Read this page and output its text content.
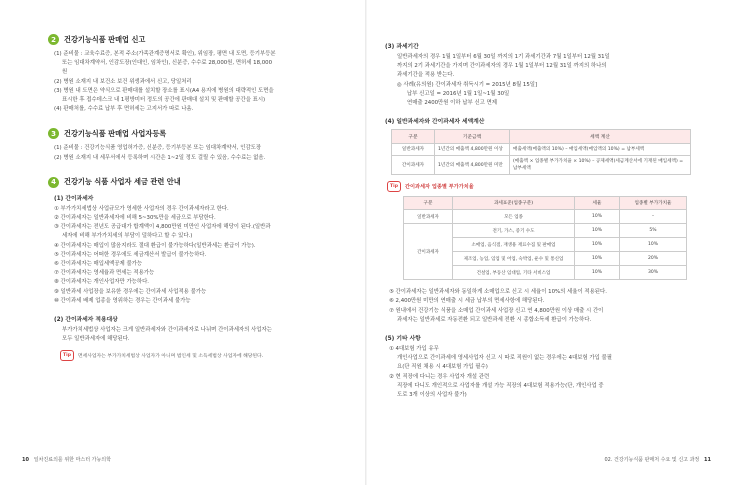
2	건강기능식품 판매업 신고
(1) 준비물 : 교육수료증, 본적 주소(가족관계증명서로 확인), 위임장, 평면 내 도면, 등기부등본
또는 임대차계약서, 인감도장(인대인, 임차인), 신분증, 수수료 28,000원, 면허세 18,000
원
(2) 병원 소재지 내 보건소 보건 위생과에서 신고, 당일처리
(3) 병원 내 도면은 약식으로 판매대를 설치할 장소를 표시(A4 용지에 병원의 대략적인 도면을
표시한 후 접수데스크 내 1평방미터 정도의 공간에 판매대 설치 및 판매할 공간을 표시)
(4) 판매처를, 수수료 납부 후 면허세는 고지서가 따로 나옴.
3	건강기능식품 판매업 사업자등록
(1) 준비물 : 건강기능식품 영업허가증, 신분증, 등기부등본 또는 임대차계약서, 인감도장
(2) 병원 소재지 내 세무서에서 등록하며 시간은 1~2일 정도 걸릴 수 있음, 수수료는 없음.
4	건강기능 식품 사업자 세금 관련 안내
(1) 간이과세자
① 부가가치세법상 사업규모가 영세한 사업자의 경우 간이과세자라고 한다.
② 간이과세자는 일반과세자에 비해 5~30%만을 세금으로 부담한다.
③ 간이과세자는 전년도 공급대가 합계액이 4,800만원 미만인 사업자에 해당이 된다.(일반과
세자에 비해 부가가치세의 부담이 덜하다고 할 수 있다.)
④ 간이과세자는 매입이 많음지라도 절대 환급이 불가능하다(일반과세는 환급이 가능).
⑤ 간이과세자는 어떠한 경우에도 세금계산서 발급이 불가능하다.
⑥ 간이과세자는 매입세액공제 불가능
⑦ 간이과세자는 영세율과 면세는 적용가능
⑧ 간이과세자는 개인사업자만 가능하다.
⑨ 일반과세 사업장을 보유한 경우에는 간이과세 사업적용 불가능
⑩ 간이과세 배제 업종을 영위하는 경우는 간이과세 불가능
(2) 간이과세자 적용대상
부가가치세법상 사업자는 크게 일반과세자와 간이과세자로 나뉘며 간이과세자의 사업자는
모두 일반과세자에 해당된다.
Tip	면세사업자는 부가가치세법상 사업자가 아니며 법인세 및 소득세법상 사업자에 해당된다.
10 일차진료의를 위한 마스터 가능의학
(3) 과세기간
일반과세자의 경우 1월 1일부터 6월 30일 까지의 1기 과세기간과 7월 1일부터 12월 31일
까지의 2기 과세기간을 가지며 간이과세자의 경우 1월 1일부터 12월 31일 까지의 하나의
과세기간을 적용 받는다.
◎ 사례(유의원) 간이과세자 취득시기 = 2015년 8월 15일]
납부 신고일 = 2016년 1월 1일~1월 30일
연매출 2400만원 이하 납부 신고 면제
(4) 일반과세자와 간이과세자 세액계산
구분	기준금액	세액 계산
일반과세자	1년간의 매출액 4,800만원 이상	매출세액(매출액의 10%) – 매입세액(매입액의 10%) = 납부세액
간이과세자	1년간의 매출액 4,800만원 미만	(매출액 × 업종별 부가가치율 × 10%) – 공제세액(세금계산서에 기재된 매입세액) = 납부세액
Tip	간이과세자 업종별 부가가치율
구분	과세표준(업종구분)	세율	업종별 부가가치율
일반과세자	모든 업종	10%	–
간이과세자	전기, 가스, 증기 수도	10%	5%
	소매업, 음식점, 재생용 재료수집 및 판매업	10%	10%
	제조업, 농업, 임업 및 어업, 숙박업, 운수 및 통신업	10%	20%
	건설업, 부동산 임대업, 기타 서비스업	10%	30%
⑤ 간이과세자는 일반과세자와 동일하게 소매업으로 신고 시 세율이 10%의 세율이 적용된다.
⑥ 2,400만원 미만의 연매출 시 세금 납부의 면세사항에 해당된다.
⑦ 원내에서 건강기능 식품을 소매업 간이과세 사업장 신고 연 4,800만원 이상 매출 시 간이
과세자는 일반과세로 자동전환 되고 일반과세 전환 시 종합소득세 환급이 가능하다.
(5) 기타 사항
① 4대보험 가입 유무
개인사업으로 간이과세에 영세사업자 신고 시 따로 직원이 없는 경우에는 4대보험 가입 불필
요(단 직원 채용 시 4대보험 가입 필수)
② 현 직장에 다니는 경우 사업자 개설 관련
직장에 다니도 개인적으로 사업자를 개설 가능 직장의 4대보험 적용가능(단, 개인사업 중
도로 3개 이상의 사업자 불가)
02. 건강기능식품 판매처 수요 및 신고 과정 11
